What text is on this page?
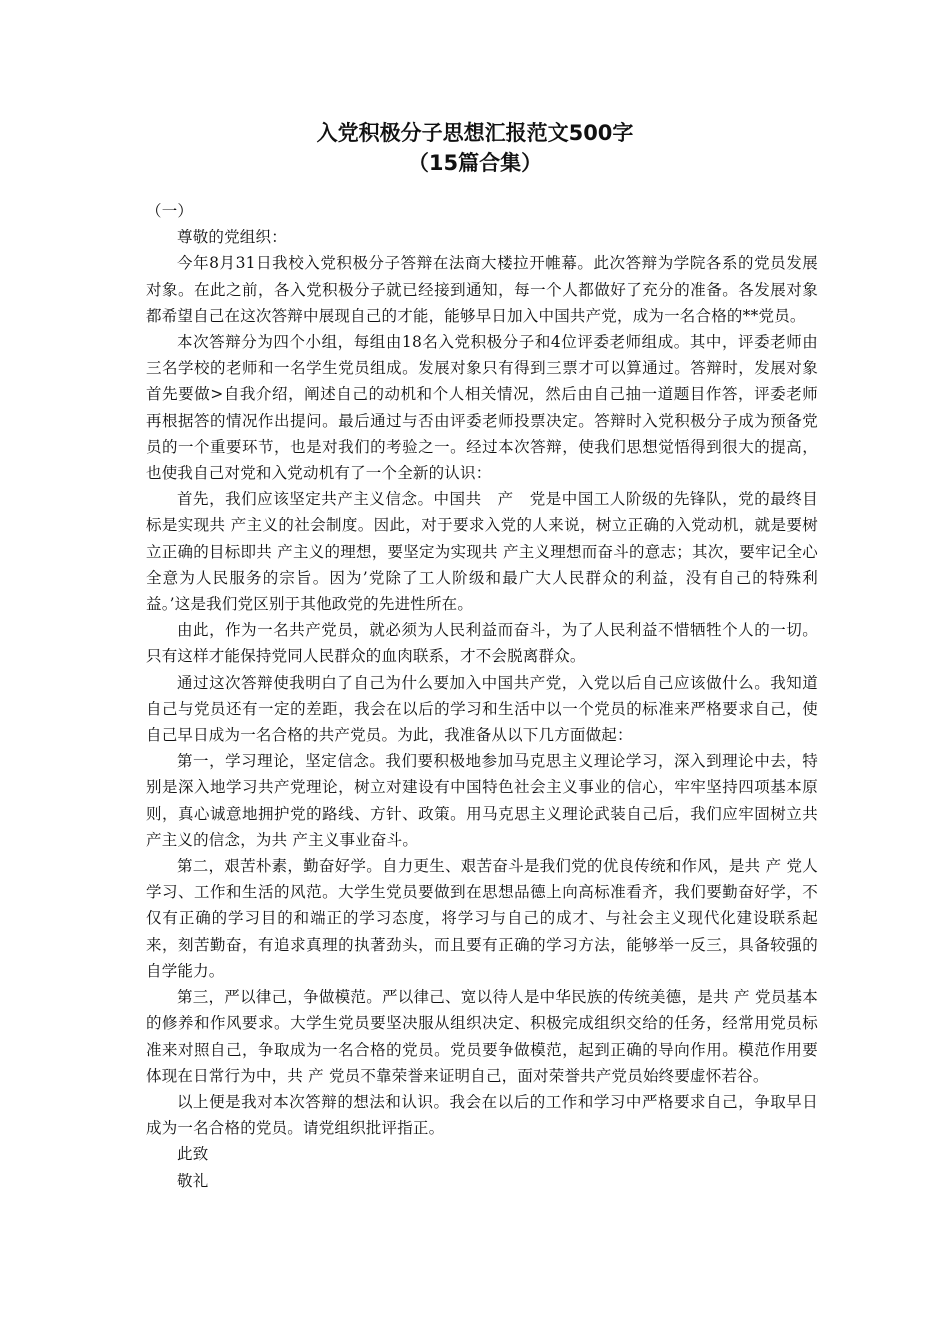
入党积极分子思想汇报范文500字

（15篇合集）

（一）

尊敬的党组织：

今年8月31日我校入党积极分子答辩在法商大楼拉开帷幕。此次答辩为学院各系的党员发展对象。在此之前，各入党积极分子就已经接到通知，每一个人都做好了充分的准备。各发展对象都希望自己在这次答辩中展现自己的才能，能够早日加入中国共产党，成为一名合格的**党员。

本次答辩分为四个小组，每组由18名入党积极分子和4位评委老师组成。其中，评委老师由三名学校的老师和一名学生党员组成。发展对象只有得到三票才可以算通过。答辩时，发展对象首先要做>自我介绍，阐述自己的动机和个人相关情况，然后由自己抽一道题目作答，评委老师再根据答的情况作出提问。最后通过与否由评委老师投票决定。答辩时入党积极分子成为预备党员的一个重要环节，也是对我们的考验之一。经过本次答辩，使我们思想觉悟得到很大的提高，也使我自己对党和入党动机有了一个全新的认识：

首先，我们应该坚定共产主义信念。中国共　产　党是中国工人阶级的先锋队，党的最终目标是实现共 产主义的社会制度。因此，对于要求入党的人来说，树立正确的入党动机，就是要树立正确的目标即共 产主义的理想，要坚定为实现共 产主义理想而奋斗的意志；其次，要牢记全心全意为人民服务的宗旨。因为’党除了工人阶级和最广大人民群众的利益，没有自己的特殊利益。’这是我们党区别于其他政党的先进性所在。

由此，作为一名共产党员，就必须为人民利益而奋斗，为了人民利益不惜牺牲个人的一切。只有这样才能保持党同人民群众的血肉联系，才不会脱离群众。

通过这次答辩使我明白了自己为什么要加入中国共产党，入党以后自己应该做什么。我知道自己与党员还有一定的差距，我会在以后的学习和生活中以一个党员的标准来严格要求自己，使自己早日成为一名合格的共产党员。为此，我准备从以下几方面做起：

第一，学习理论，坚定信念。我们要积极地参加马克思主义理论学习，深入到理论中去，特别是深入地学习共产党理论，树立对建设有中国特色社会主义事业的信心，牢牢坚持四项基本原则，真心诚意地拥护党的路线、方针、政策。用马克思主义理论武装自己后，我们应牢固树立共 产主义的信念，为共 产主义事业奋斗。

第二，艰苦朴素，勤奋好学。自力更生、艰苦奋斗是我们党的优良传统和作风，是共 产 党人学习、工作和生活的风范。大学生党员要做到在思想品德上向高标准看齐，我们要勤奋好学，不仅有正确的学习目的和端正的学习态度，将学习与自己的成才、与社会主义现代化建设联系起来，刻苦勤奋，有追求真理的执著劲头，而且要有正确的学习方法，能够举一反三，具备较强的自学能力。

第三，严以律己，争做模范。严以律己、宽以待人是中华民族的传统美德，是共 产 党员基本的修养和作风要求。大学生党员要坚决服从组织决定、积极完成组织交给的任务，经常用党员标准来对照自己，争取成为一名合格的党员。党员要争做模范，起到正确的导向作用。模范作用要体现在日常行为中，共 产 党员不靠荣誉来证明自己，面对荣誉共产党员始终要虚怀若谷。

以上便是我对本次答辩的想法和认识。我会在以后的工作和学习中严格要求自己，争取早日成为一名合格的党员。请党组织批评指正。

此致

敬礼
